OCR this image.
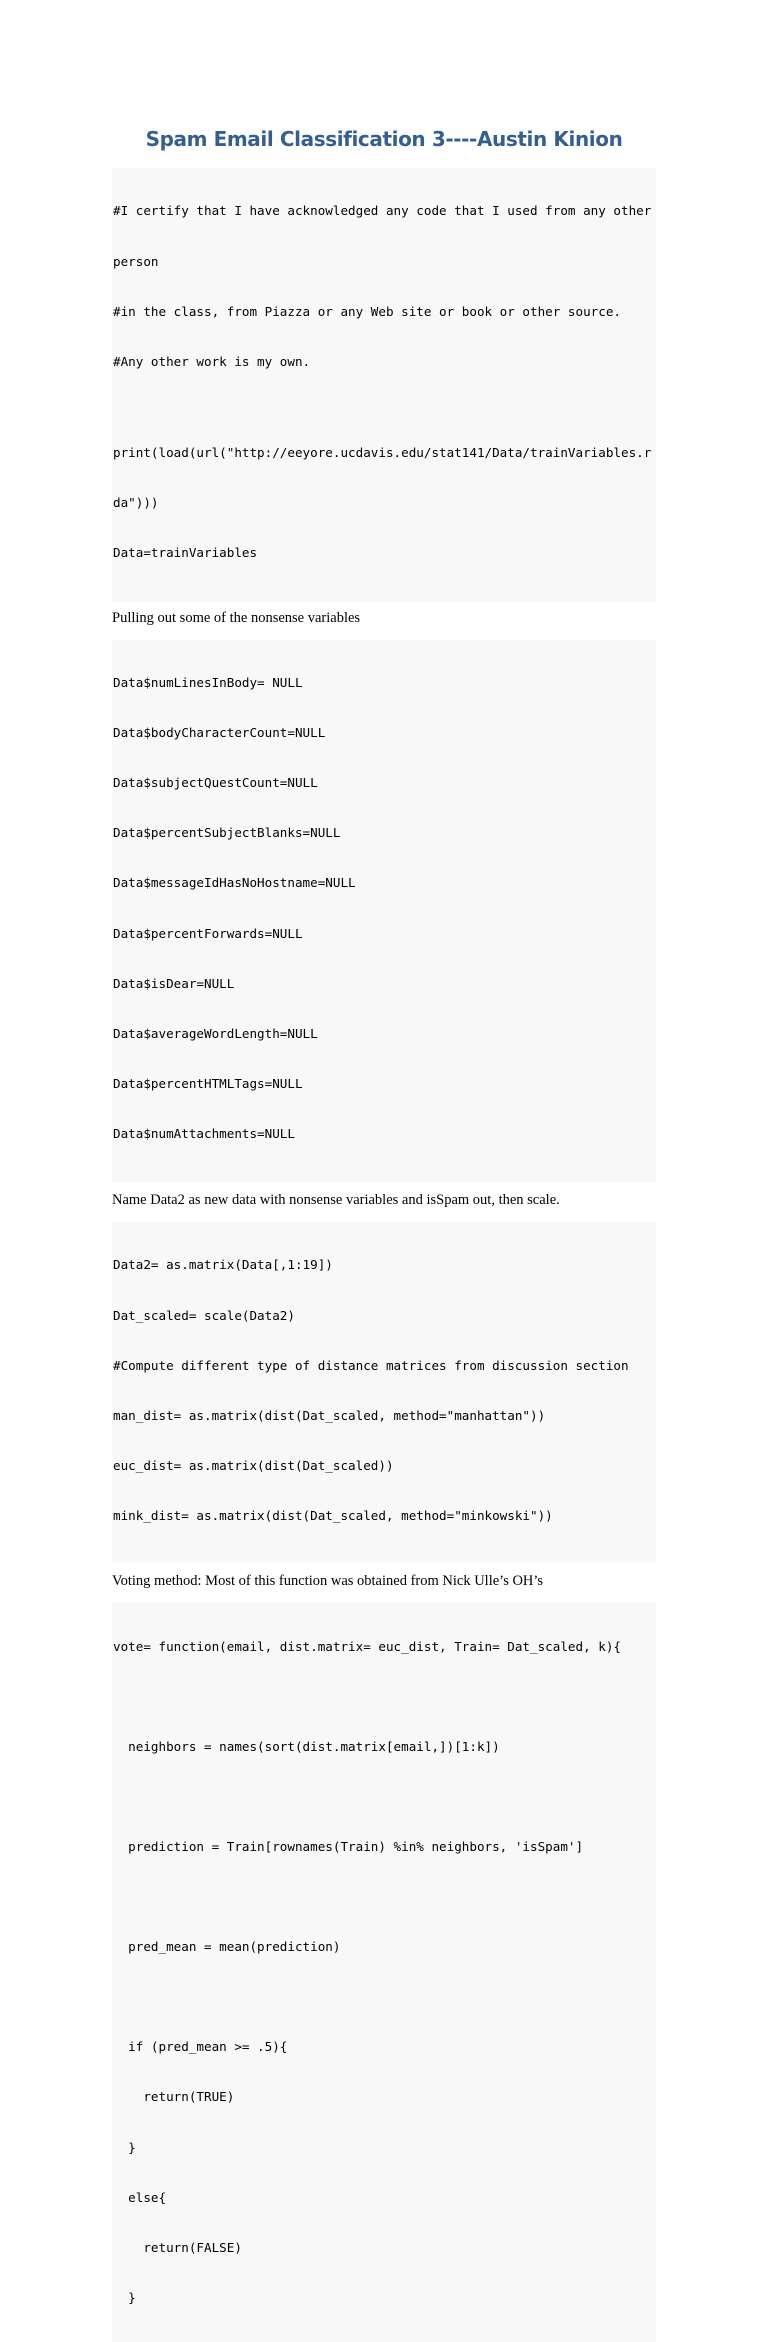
Spam Email Classification 3----Austin Kinion

#I certify that I have acknowledged any code that I used from any other

person

#in the class, from Piazza or any Web site or book or other source.

#Any other work is my own.

print(load(url("http://eeyore.ucdavis.edu/stat141/Data/trainVariables.r

da")))

Data=trainVariables

Pulling out some of the nonsense variables

Data$numLinesInBody= NULL

Data$bodyCharacterCount=NULL

Data$subjectQuestCount=NULL

Data$percentSubjectBlanks=NULL

Data$messageIdHasNoHostname=NULL

Data$percentForwards=NULL

Data$isDear=NULL

Data$averageWordLength=NULL

Data$percentHTMLTags=NULL

Data$numAttachments=NULL

Name Data2 as new data with nonsense variables and isSpam out, then scale.

Data2= as.matrix(Data[,1:19])

Dat_scaled= scale(Data2)

#Compute different type of distance matrices from discussion section

man_dist= as.matrix(dist(Dat_scaled, method="manhattan"))

euc_dist= as.matrix(dist(Dat_scaled))

mink_dist= as.matrix(dist(Dat_scaled, method="minkowski"))

Voting method: Most of this function was obtained from Nick Ulle’s OH’s

vote= function(email, dist.matrix= euc_dist, Train= Dat_scaled, k){

neighbors = names(sort(dist.matrix[email,])[1:k])

prediction = Train[rownames(Train) %in% neighbors, 'isSpam']

pred_mean = mean(prediction)

if (pred_mean >= .5){

return(TRUE)

}

else{

return(FALSE)

}
